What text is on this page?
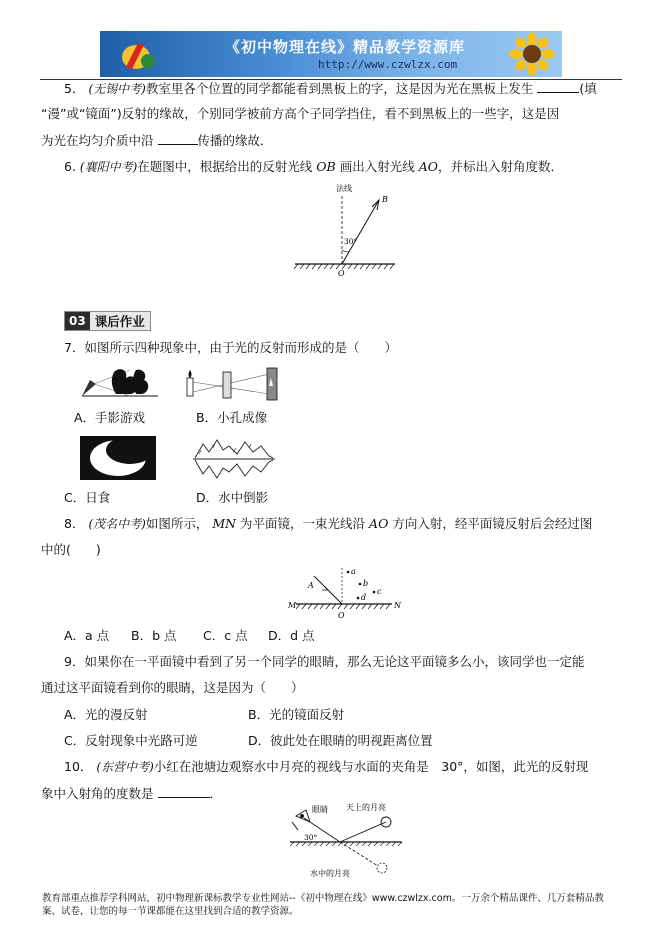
《初中物理在线》精品教学资源库
http://www.czwlzx.com
5． (无锡中考)教室里各个位置的同学都能看到黑板上的字，这是因为光在黑板上发生	(填
“漫”或“镜面”)反射的缘故，个别同学被前方高个子同学挡住，看不到黑板上的一些字，这是因
为光在均匀介质中沿	传播的缘故．
6. (襄阳中考)在题图中，根据给出的反射光线 OB 画出入射光线 AO，并标出入射角度数．
法线
B
30°
O
03 课后作业
7．如图所示四种现象中，由于光的反射而形成的是（　　）
A．手影游戏	B．小孔成像
C．日食	D．水中倒影
8． (茂名中考)如图所示， MN 为平面镜，一束光线沿 AO 方向入射，经平面镜反射后会经过图
中的(　　)
M	N
A
a
b
c
d
O
A．a 点 B．b 点 C．c 点 D．d 点
9．如果你在一平面镜中看到了另一个同学的眼睛，那么无论这平面镜多么小，该同学也一定能
通过这平面镜看到你的眼睛，这是因为（　　）
A．光的漫反射	B．光的镜面反射
C．反射现象中光路可逆	D．彼此处在眼睛的明视距离位置
10． (东营中考)小红在池塘边观察水中月亮的视线与水面的夹角是　30°，如图，此光的反射现
象中入射角的度数是	．
眼睛 天上的月亮
30°
水中的月亮
教育部重点推荐学科网站，初中物理新课标教学专业性网站--《初中物理在线》www.czwlzx.com。一万余个精品课件、几万套精品教
案、试卷，让您的每一节课都能在这里找到合适的教学资源。
